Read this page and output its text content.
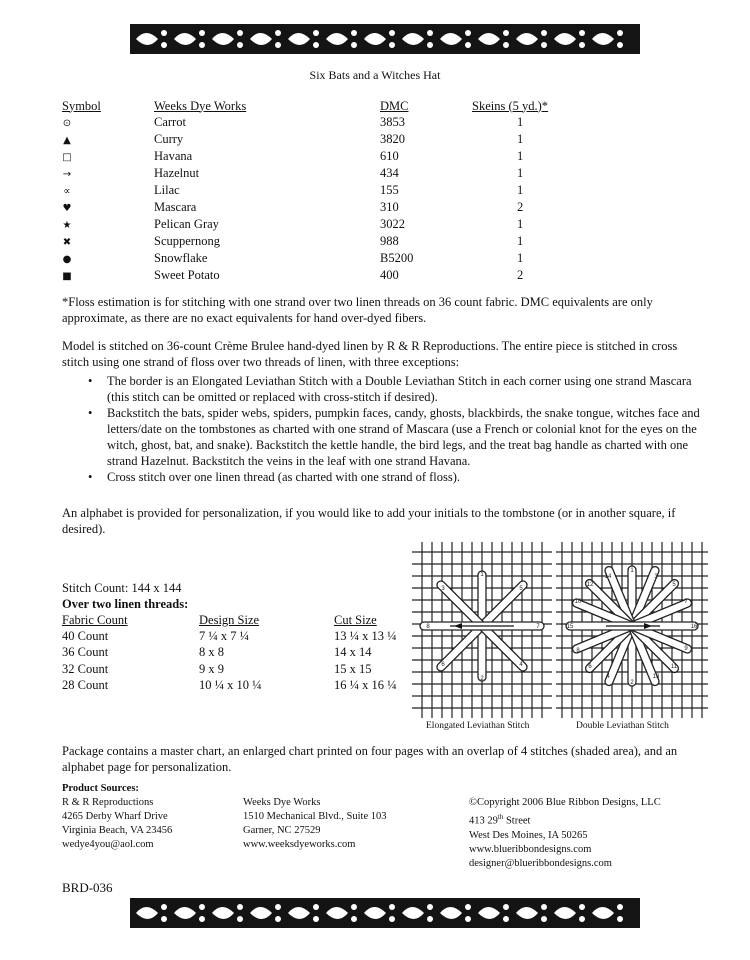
Six Bats and a Witches Hat
Symbol	Weeks Dye Works	DMC	Skeins (5 yd.)*
⊙	Carrot	3853	1
▲	Curry	3820	1
□	Havana	610	1
→	Hazelnut	434	1
∝	Lilac	155	1
♥	Mascara	310	2
★	Pelican Gray	3022	1
✖	Scuppernong	988	1
●	Snowflake	B5200	1
■	Sweet Potato	400	2
*Floss estimation is for stitching with one strand over two linen threads on 36 count fabric. DMC equivalents are only approximate, as there are no exact equivalents for hand over-dyed fibers.
Model is stitched on 36-count Crème Brulee hand-dyed linen by R & R Reproductions. The entire piece is stitched in cross stitch using one strand of floss over two threads of linen, with three exceptions:
• The border is an Elongated Leviathan Stitch with a Double Leviathan Stitch in each corner using one strand Mascara (this stitch can be omitted or replaced with cross-stitch if desired).
• Backstitch the bats, spider webs, spiders, pumpkin faces, candy, ghosts, blackbirds, the snake tongue, witches face and letters/date on the tombstones as charted with one strand of Mascara (use a French or colonial knot for the eyes on the witch, ghost, bat, and snake). Backstitch the kettle handle, the bird legs, and the treat bag handle as charted with one strand Hazelnut. Backstitch the veins in the leaf with one strand Havana.
• Cross stitch over one linen thread (as charted with one strand of floss).
An alphabet is provided for personalization, if you would like to add your initials to the tombstone (or in another square, if desired).
Stitch Count: 144 x 144
Over two linen threads:
Fabric Count	Design Size	Cut Size
40 Count	7 ¼ x 7 ¼	13 ¼ x 13 ¼
36 Count	8 x 8	14 x 14
32 Count	9 x 9	15 x 15
28 Count	10 ¼ x 10 ¼	16 ¼ x 16 ¼
1
2
3
4
5
6
7
8
1
2
3
4
5
6
7
8	9
10
11
12
13
14
15	16
Elongated Leviathan Stitch	Double Leviathan Stitch
Package contains a master chart, an enlarged chart printed on four pages with an overlap of 4 stitches (shaded area), and an alphabet page for personalization.
Product Sources:
R & R Reproductions
4265 Derby Wharf Drive
Virginia Beach, VA 23456
wedye4you@aol.com
Weeks Dye Works
1510 Mechanical Blvd., Suite 103
Garner, NC 27529
www.weeksdyeworks.com
©Copyright 2006 Blue Ribbon Designs, LLC
413 29th Street
West Des Moines, IA 50265
www.blueribbondesigns.com
designer@blueribbondesigns.com
BRD-036
